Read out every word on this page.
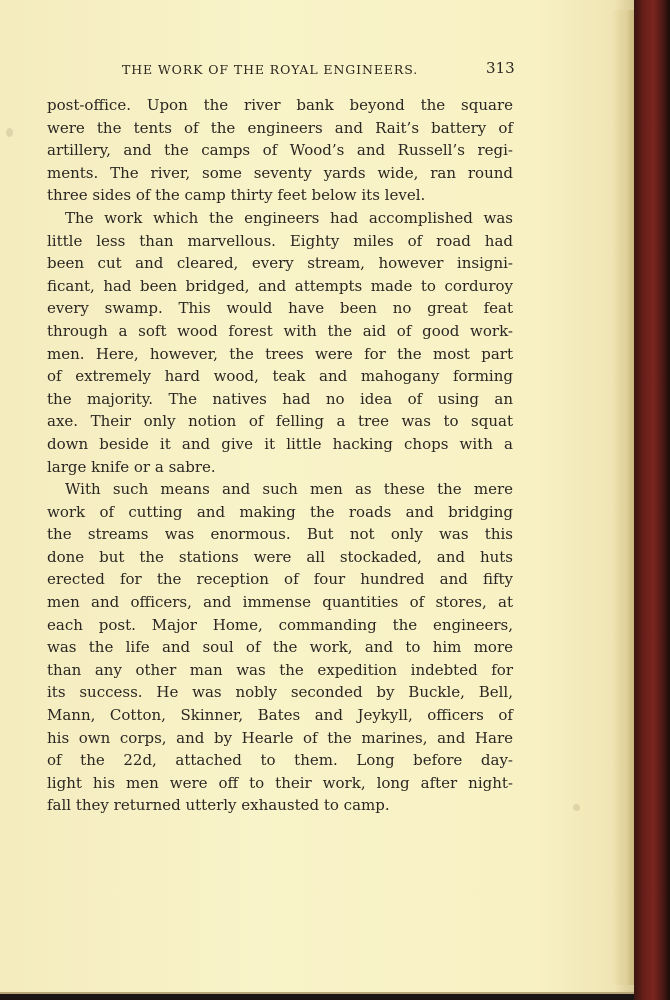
THE WORK OF THE ROYAL ENGINEERS.	313
post-office. Upon the river bank beyond the square
were the tents of the engineers and Rait’s battery of
artillery, and the camps of Wood’s and Russell’s regi-
ments. The river, some seventy yards wide, ran round
three sides of the camp thirty feet below its level.
The work which the engineers had accomplished was
little less than marvellous. Eighty miles of road had
been cut and cleared, every stream, however insigni-
ficant, had been bridged, and attempts made to corduroy
every swamp. This would have been no great feat
through a soft wood forest with the aid of good work-
men. Here, however, the trees were for the most part
of extremely hard wood, teak and mahogany forming
the majority. The natives had no idea of using an
axe. Their only notion of felling a tree was to squat
down beside it and give it little hacking chops with a
large knife or a sabre.
With such means and such men as these the mere
work of cutting and making the roads and bridging
the streams was enormous. But not only was this
done but the stations were all stockaded, and huts
erected for the reception of four hundred and fifty
men and officers, and immense quantities of stores, at
each post. Major Home, commanding the engineers,
was the life and soul of the work, and to him more
than any other man was the expedition indebted for
its success. He was nobly seconded by Buckle, Bell,
Mann, Cotton, Skinner, Bates and Jeykyll, officers of
his own corps, and by Hearle of the marines, and Hare
of the 22d, attached to them. Long before day-
light his men were off to their work, long after night-
fall they returned utterly exhausted to camp.
